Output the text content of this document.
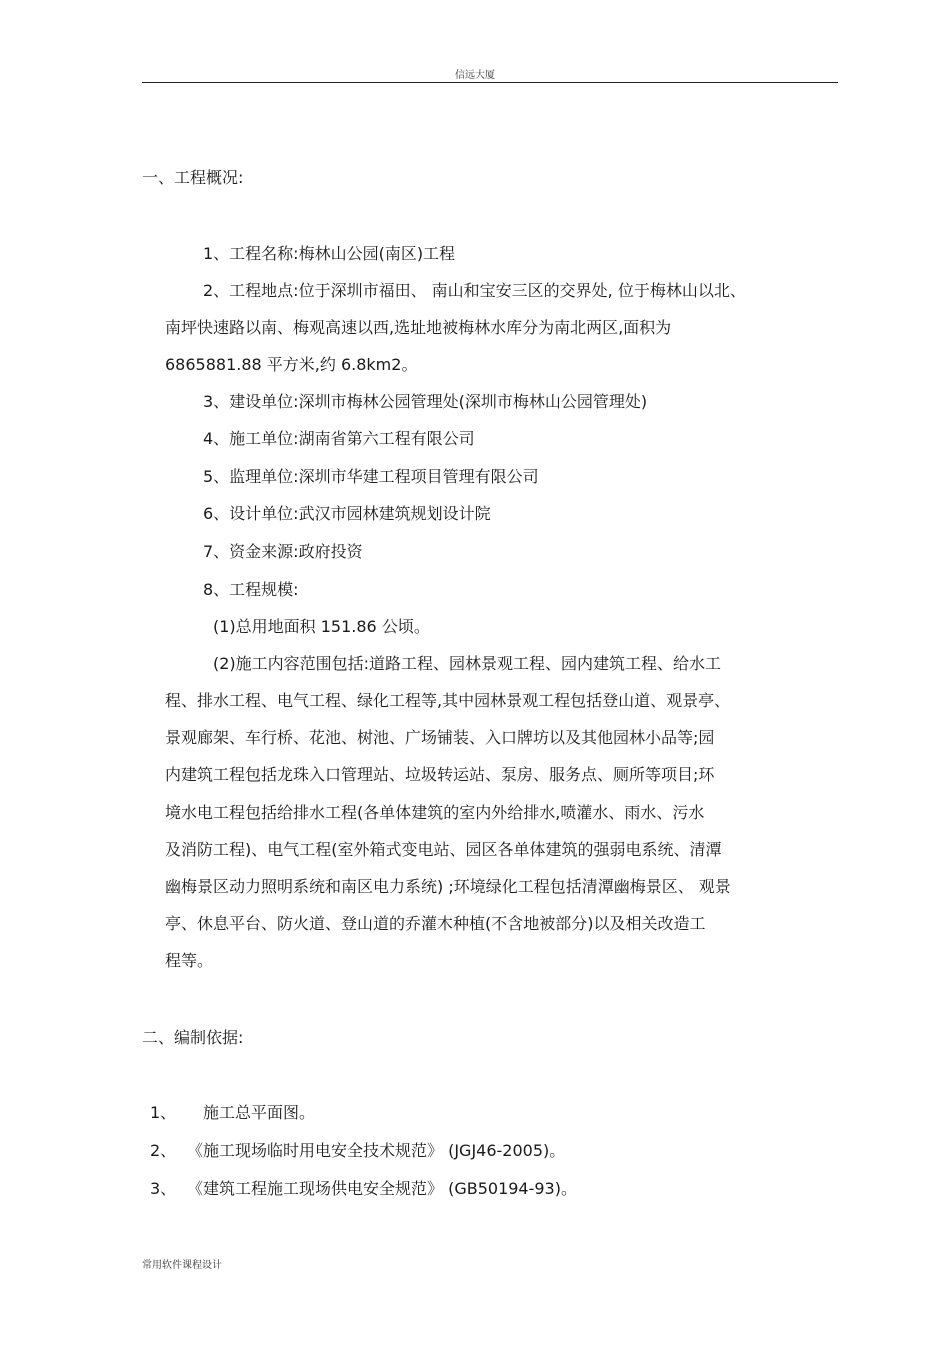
信远大厦
一、工程概况:
1、工程名称:梅林山公园(南区)工程
2、工程地点:位于深圳市福田、 南山和宝安三区的交界处, 位于梅林山以北、
南坪快速路以南、梅观高速以西,选址地被梅林水库分为南北两区,面积为
6865881.88 平方米,约 6.8km2。
3、建设单位:深圳市梅林公园管理处(深圳市梅林山公园管理处)
4、施工单位:湖南省第六工程有限公司
5、监理单位:深圳市华建工程项目管理有限公司
6、设计单位:武汉市园林建筑规划设计院
7、资金来源:政府投资
8、工程规模:
(1)总用地面积 151.86 公顷。
(2)施工内容范围包括:道路工程、园林景观工程、园内建筑工程、给水工
程、排水工程、电气工程、绿化工程等,其中园林景观工程包括登山道、观景亭、
景观廊架、车行桥、花池、树池、广场铺装、入口牌坊以及其他园林小品等;园
内建筑工程包括龙珠入口管理站、垃圾转运站、泵房、服务点、厕所等项目;环
境水电工程包括给排水工程(各单体建筑的室内外给排水,喷灌水、雨水、污水
及消防工程)、电气工程(室外箱式变电站、园区各单体建筑的强弱电系统、清潭
幽梅景区动力照明系统和南区电力系统) ;环境绿化工程包括清潭幽梅景区、 观景
亭、休息平台、防火道、登山道的乔灌木种植(不含地被部分)以及相关改造工
程等。
二、编制依据:
1、 施工总平面图。
2、 《施工现场临时用电安全技术规范》 (JGJ46-2005)。
3、 《建筑工程施工现场供电安全规范》 (GB50194-93)。
常用软件课程设计
